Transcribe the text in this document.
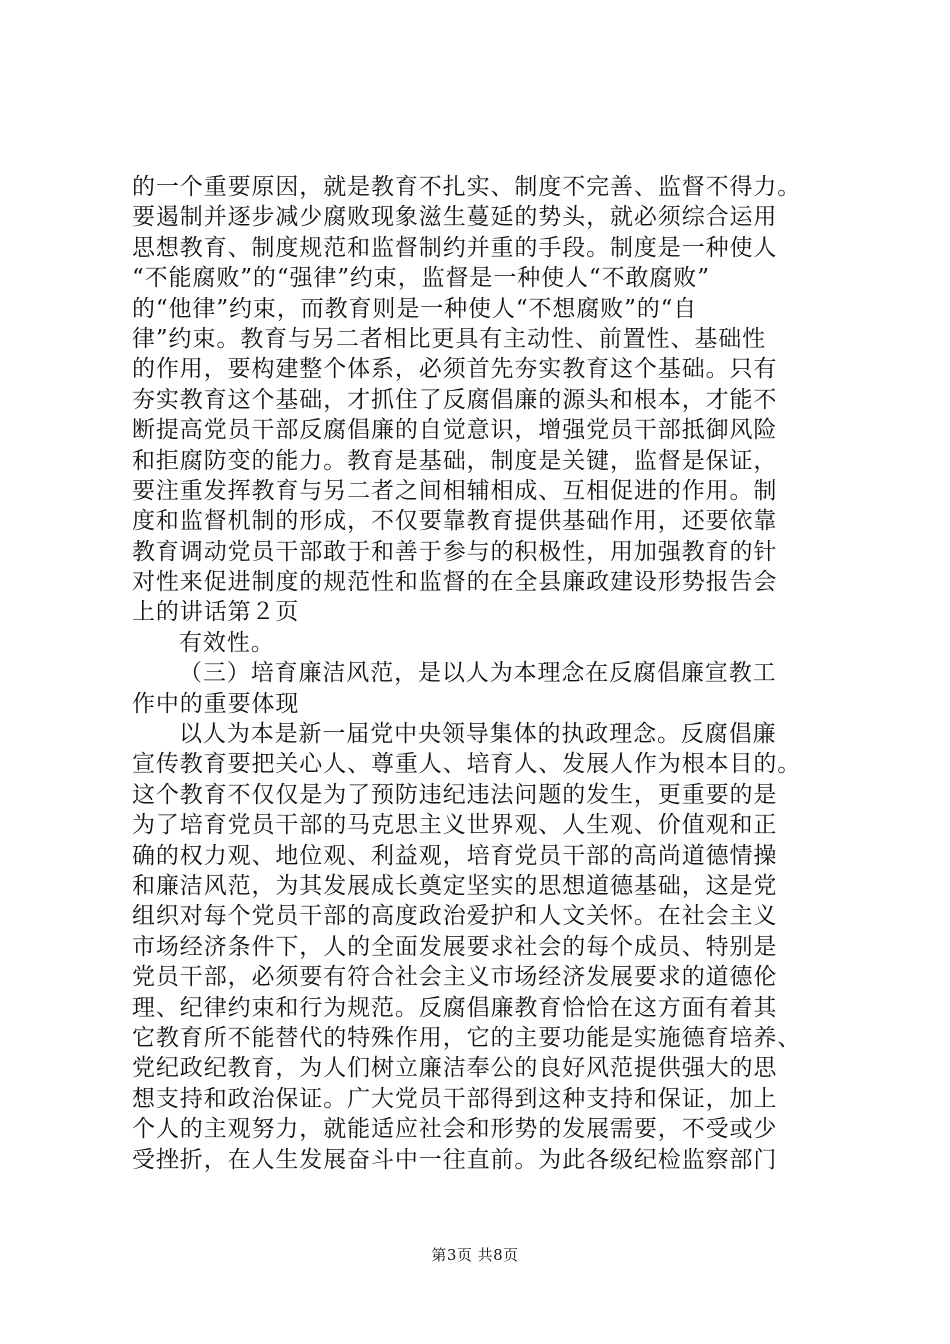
的一个重要原因，就是教育不扎实、制度不完善、监督不得力。
要遏制并逐步减少腐败现象滋生蔓延的势头，就必须综合运用
思想教育、制度规范和监督制约并重的手段。制度是一种使人
“不能腐败”的“强律”约束，监督是一种使人“不敢腐败”
的“他律”约束，而教育则是一种使人“不想腐败”的“自
律”约束。教育与另二者相比更具有主动性、前置性、基础性
的作用，要构建整个体系，必须首先夯实教育这个基础。只有
夯实教育这个基础，才抓住了反腐倡廉的源头和根本，才能不
断提高党员干部反腐倡廉的自觉意识，增强党员干部抵御风险
和拒腐防变的能力。教育是基础，制度是关键，监督是保证，
要注重发挥教育与另二者之间相辅相成、互相促进的作用。制
度和监督机制的形成，不仅要靠教育提供基础作用，还要依靠
教育调动党员干部敢于和善于参与的积极性，用加强教育的针
对性来促进制度的规范性和监督的在全县廉政建设形势报告会
上的讲话第２页
有效性。
（三）培育廉洁风范，是以人为本理念在反腐倡廉宣教工
作中的重要体现
以人为本是新一届党中央领导集体的执政理念。反腐倡廉
宣传教育要把关心人、尊重人、培育人、发展人作为根本目的。
这个教育不仅仅是为了预防违纪违法问题的发生，更重要的是
为了培育党员干部的马克思主义世界观、人生观、价值观和正
确的权力观、地位观、利益观，培育党员干部的高尚道德情操
和廉洁风范，为其发展成长奠定坚实的思想道德基础，这是党
组织对每个党员干部的高度政治爱护和人文关怀。在社会主义
市场经济条件下，人的全面发展要求社会的每个成员、特别是
党员干部，必须要有符合社会主义市场经济发展要求的道德伦
理、纪律约束和行为规范。反腐倡廉教育恰恰在这方面有着其
它教育所不能替代的特殊作用，它的主要功能是实施德育培养、
党纪政纪教育，为人们树立廉洁奉公的良好风范提供强大的思
想支持和政治保证。广大党员干部得到这种支持和保证，加上
个人的主观努力，就能适应社会和形势的发展需要，不受或少
受挫折，在人生发展奋斗中一往直前。为此各级纪检监察部门
第3页 共8页
